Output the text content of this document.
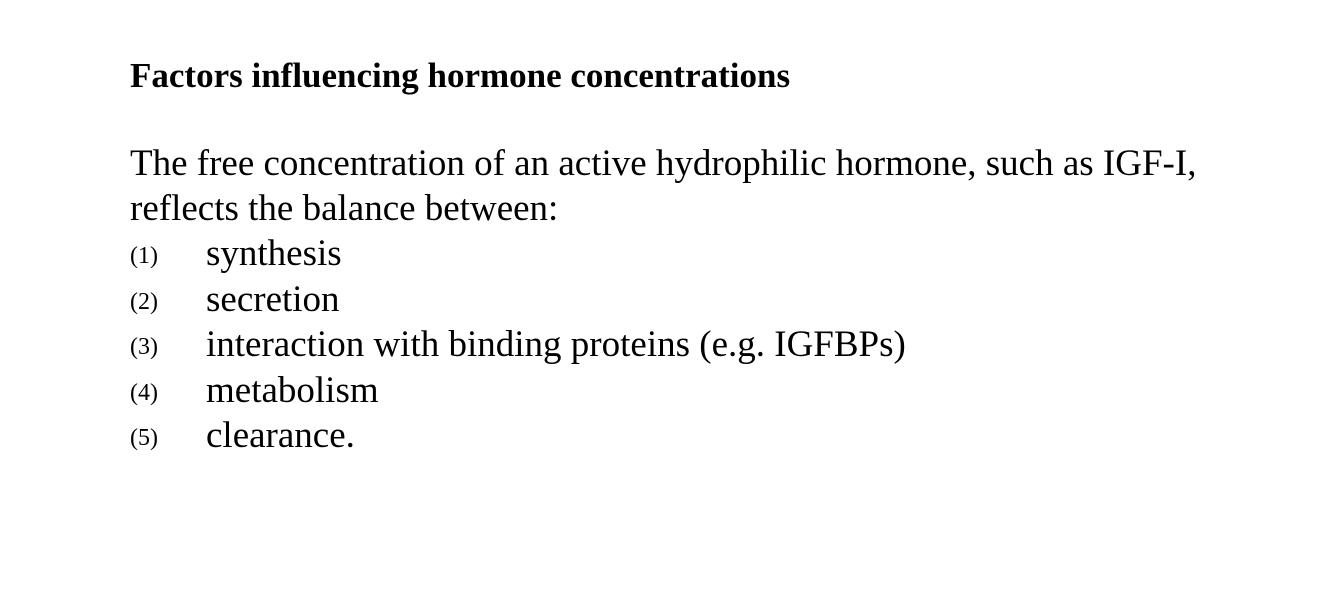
Factors influencing hormone concentrations

The free concentration of an active hydrophilic hormone, such as IGF-I,
reflects the balance between:

(1) synthesis
(2) secretion
(3) interaction with binding proteins (e.g. IGFBPs)
(4) metabolism
(5) clearance.
